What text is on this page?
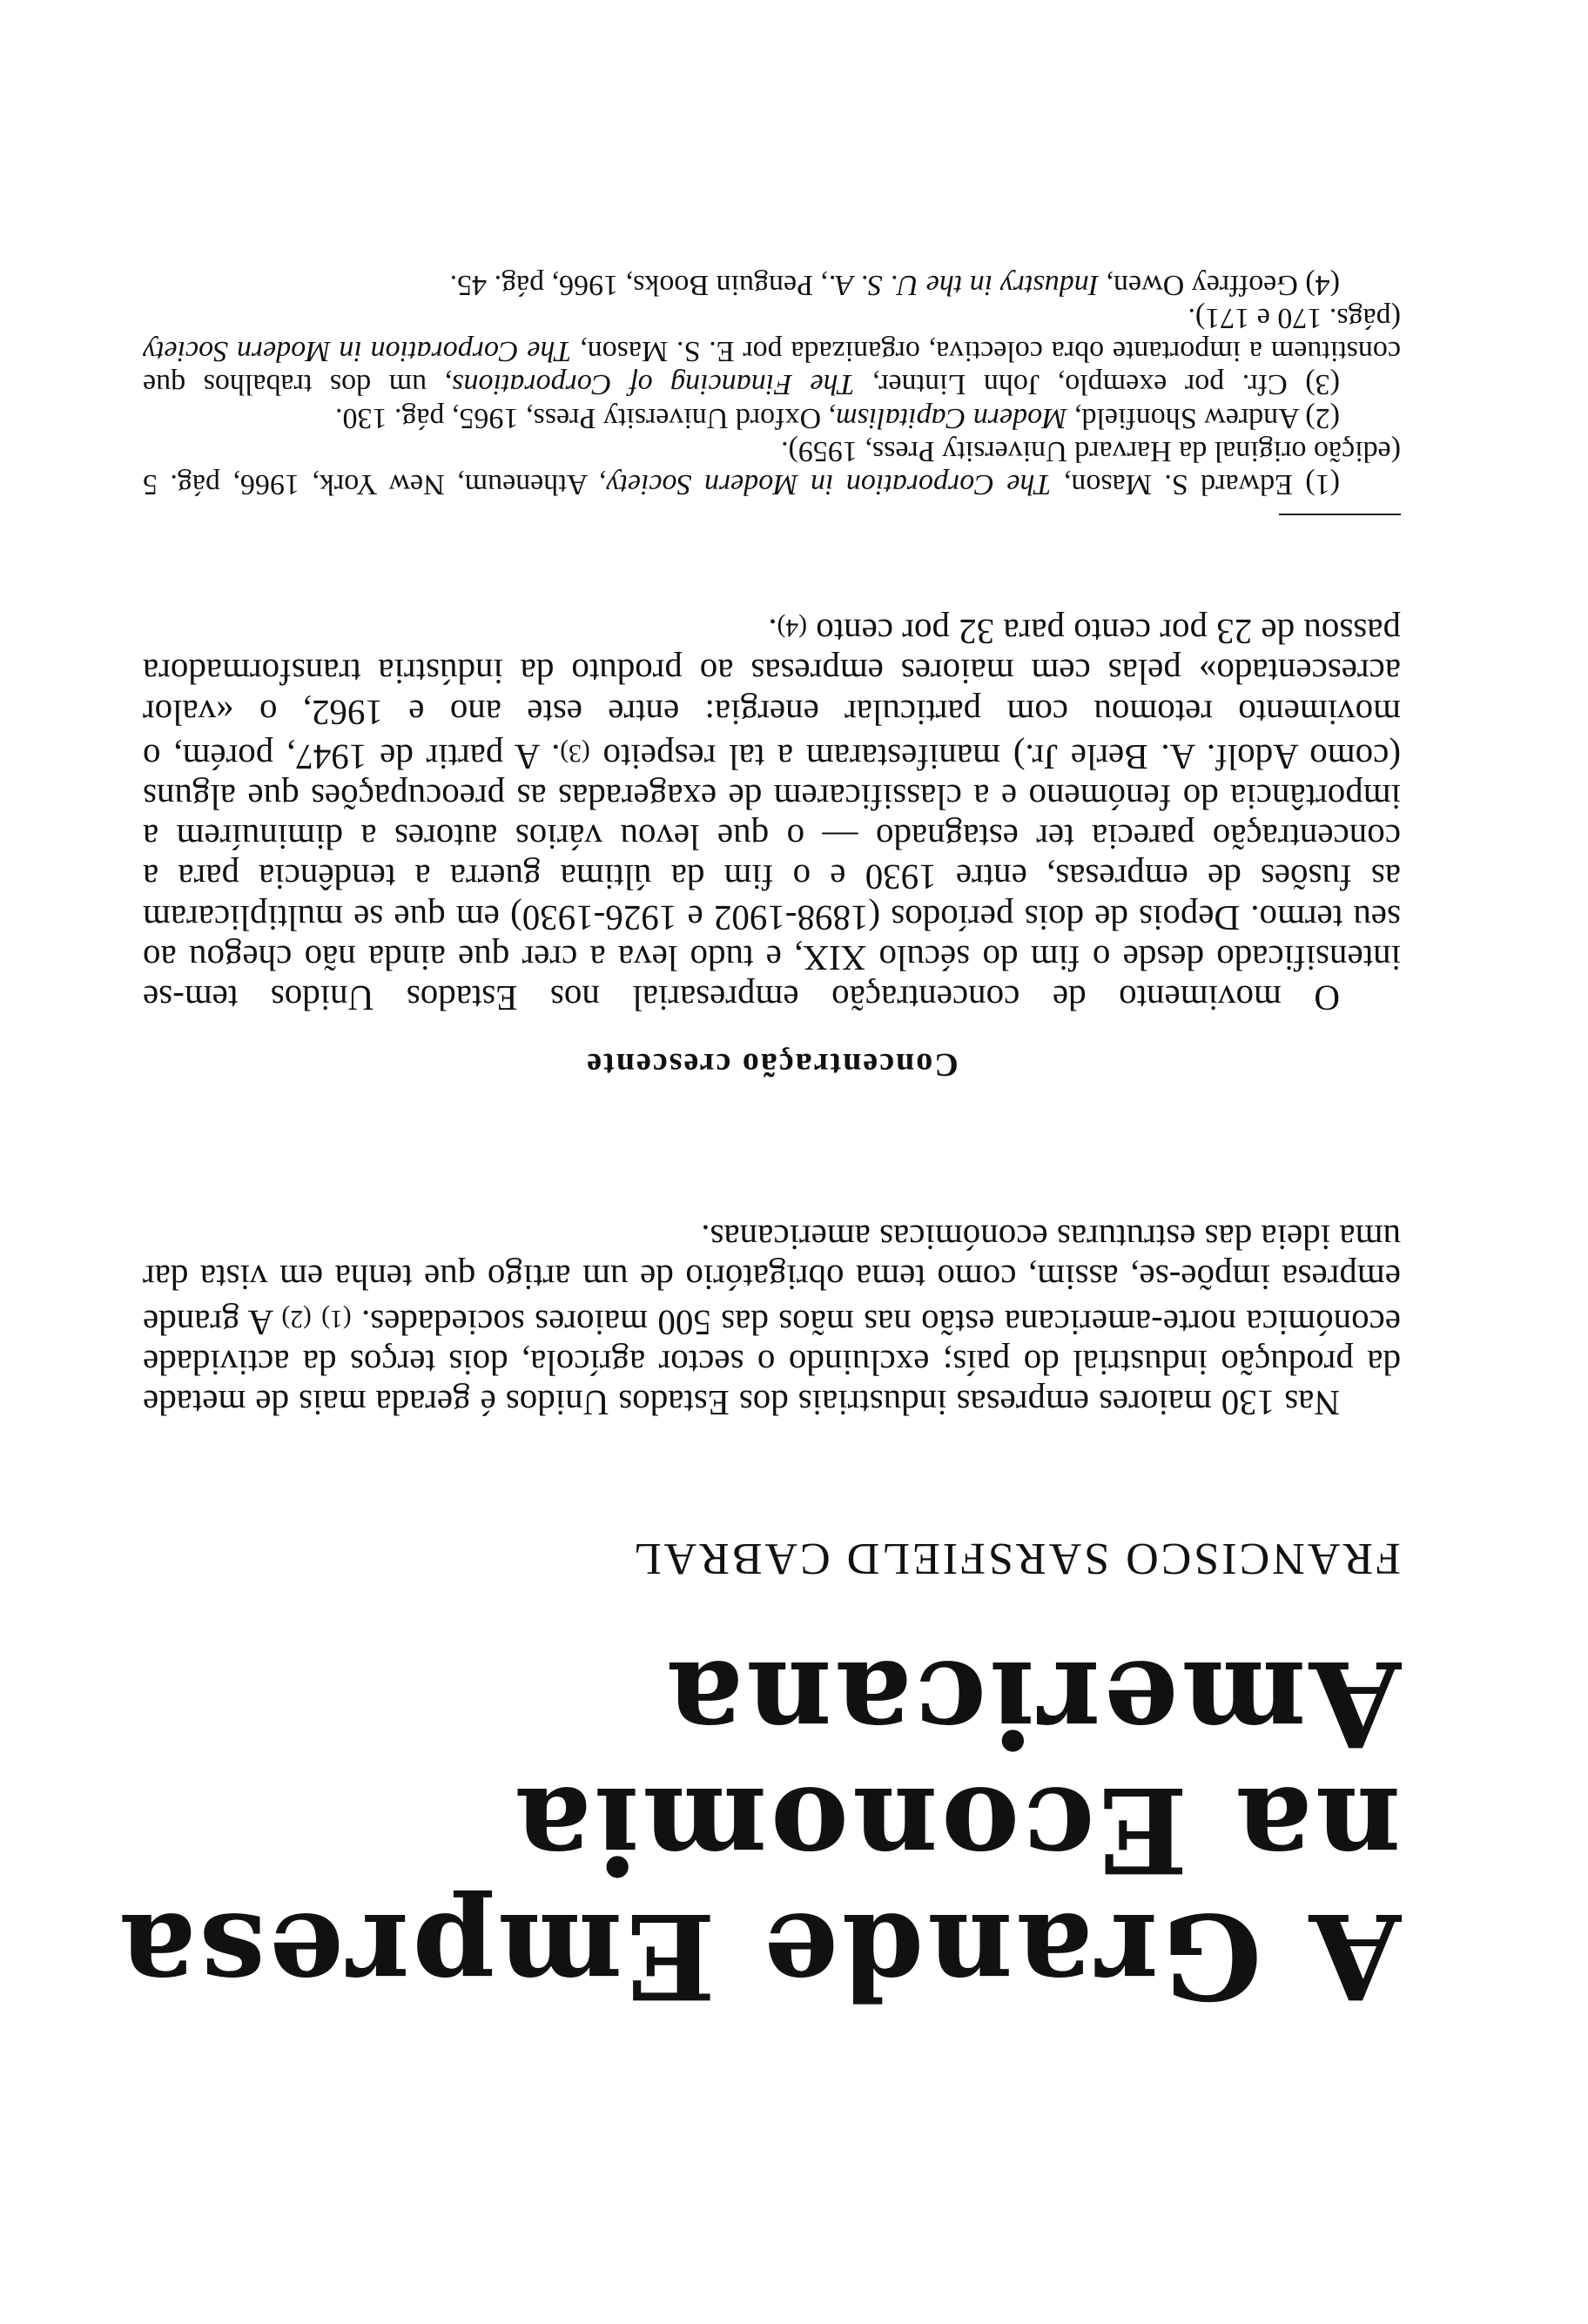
A Grande Empresa

na Economia

Americana

FRANCISCO SARSFIELD CABRAL

Nas 130 maiores empresas industriais dos Estados Unidos é gerada mais de metade da produção industrial do país; excluindo o sector agrícola, dois terços da actividade económica norte-americana estão nas mãos das 500 maiores sociedades. (1) (2) A grande empresa impõe-se, assim, como tema obrigatório de um artigo que tenha em vista dar uma ideia das estruturas económicas americanas.

Concentração crescente

O movimento de concentração empresarial nos Estados Unidos tem-se intensificado desde o fim do século XIX, e tudo leva a crer que ainda não chegou ao seu termo. Depois de dois períodos (1898-1902 e 1926-1930) em que se multiplicaram as fusões de empresas, entre 1930 e o fim da última guerra a tendência para a concentração parecia ter estagnado — o que levou vários autores a diminuírem a importância do fenómeno e a classificarem de exageradas as preocupações que alguns (como Adolf. A. Berle Jr.) manifestaram a tal respeito (3). A partir de 1947, porém, o movimento retomou com particular energia: entre este ano e 1962, o «valor acrescentado» pelas cem maiores empresas ao produto da indústria transformadora passou de 23 por cento para 32 por cento (4).

(1) Edward S. Mason, The Corporation in Modern Society, Atheneum, New York, 1966, pág. 5 (edição original da Harvard University Press, 1959).

(2) Andrew Shonfield, Modern Capitalism, Oxford University Press, 1965, pág. 130.

(3) Cfr. por exemplo, John Lintner, The Financing of Corporations, um dos trabalhos que constituem a importante obra colectiva, organizada por E. S. Mason, The Corporation in Modern Society (págs. 170 e 171).

(4) Geoffrey Owen, Industry in the U. S. A., Penguin Books, 1966, pág. 45.
